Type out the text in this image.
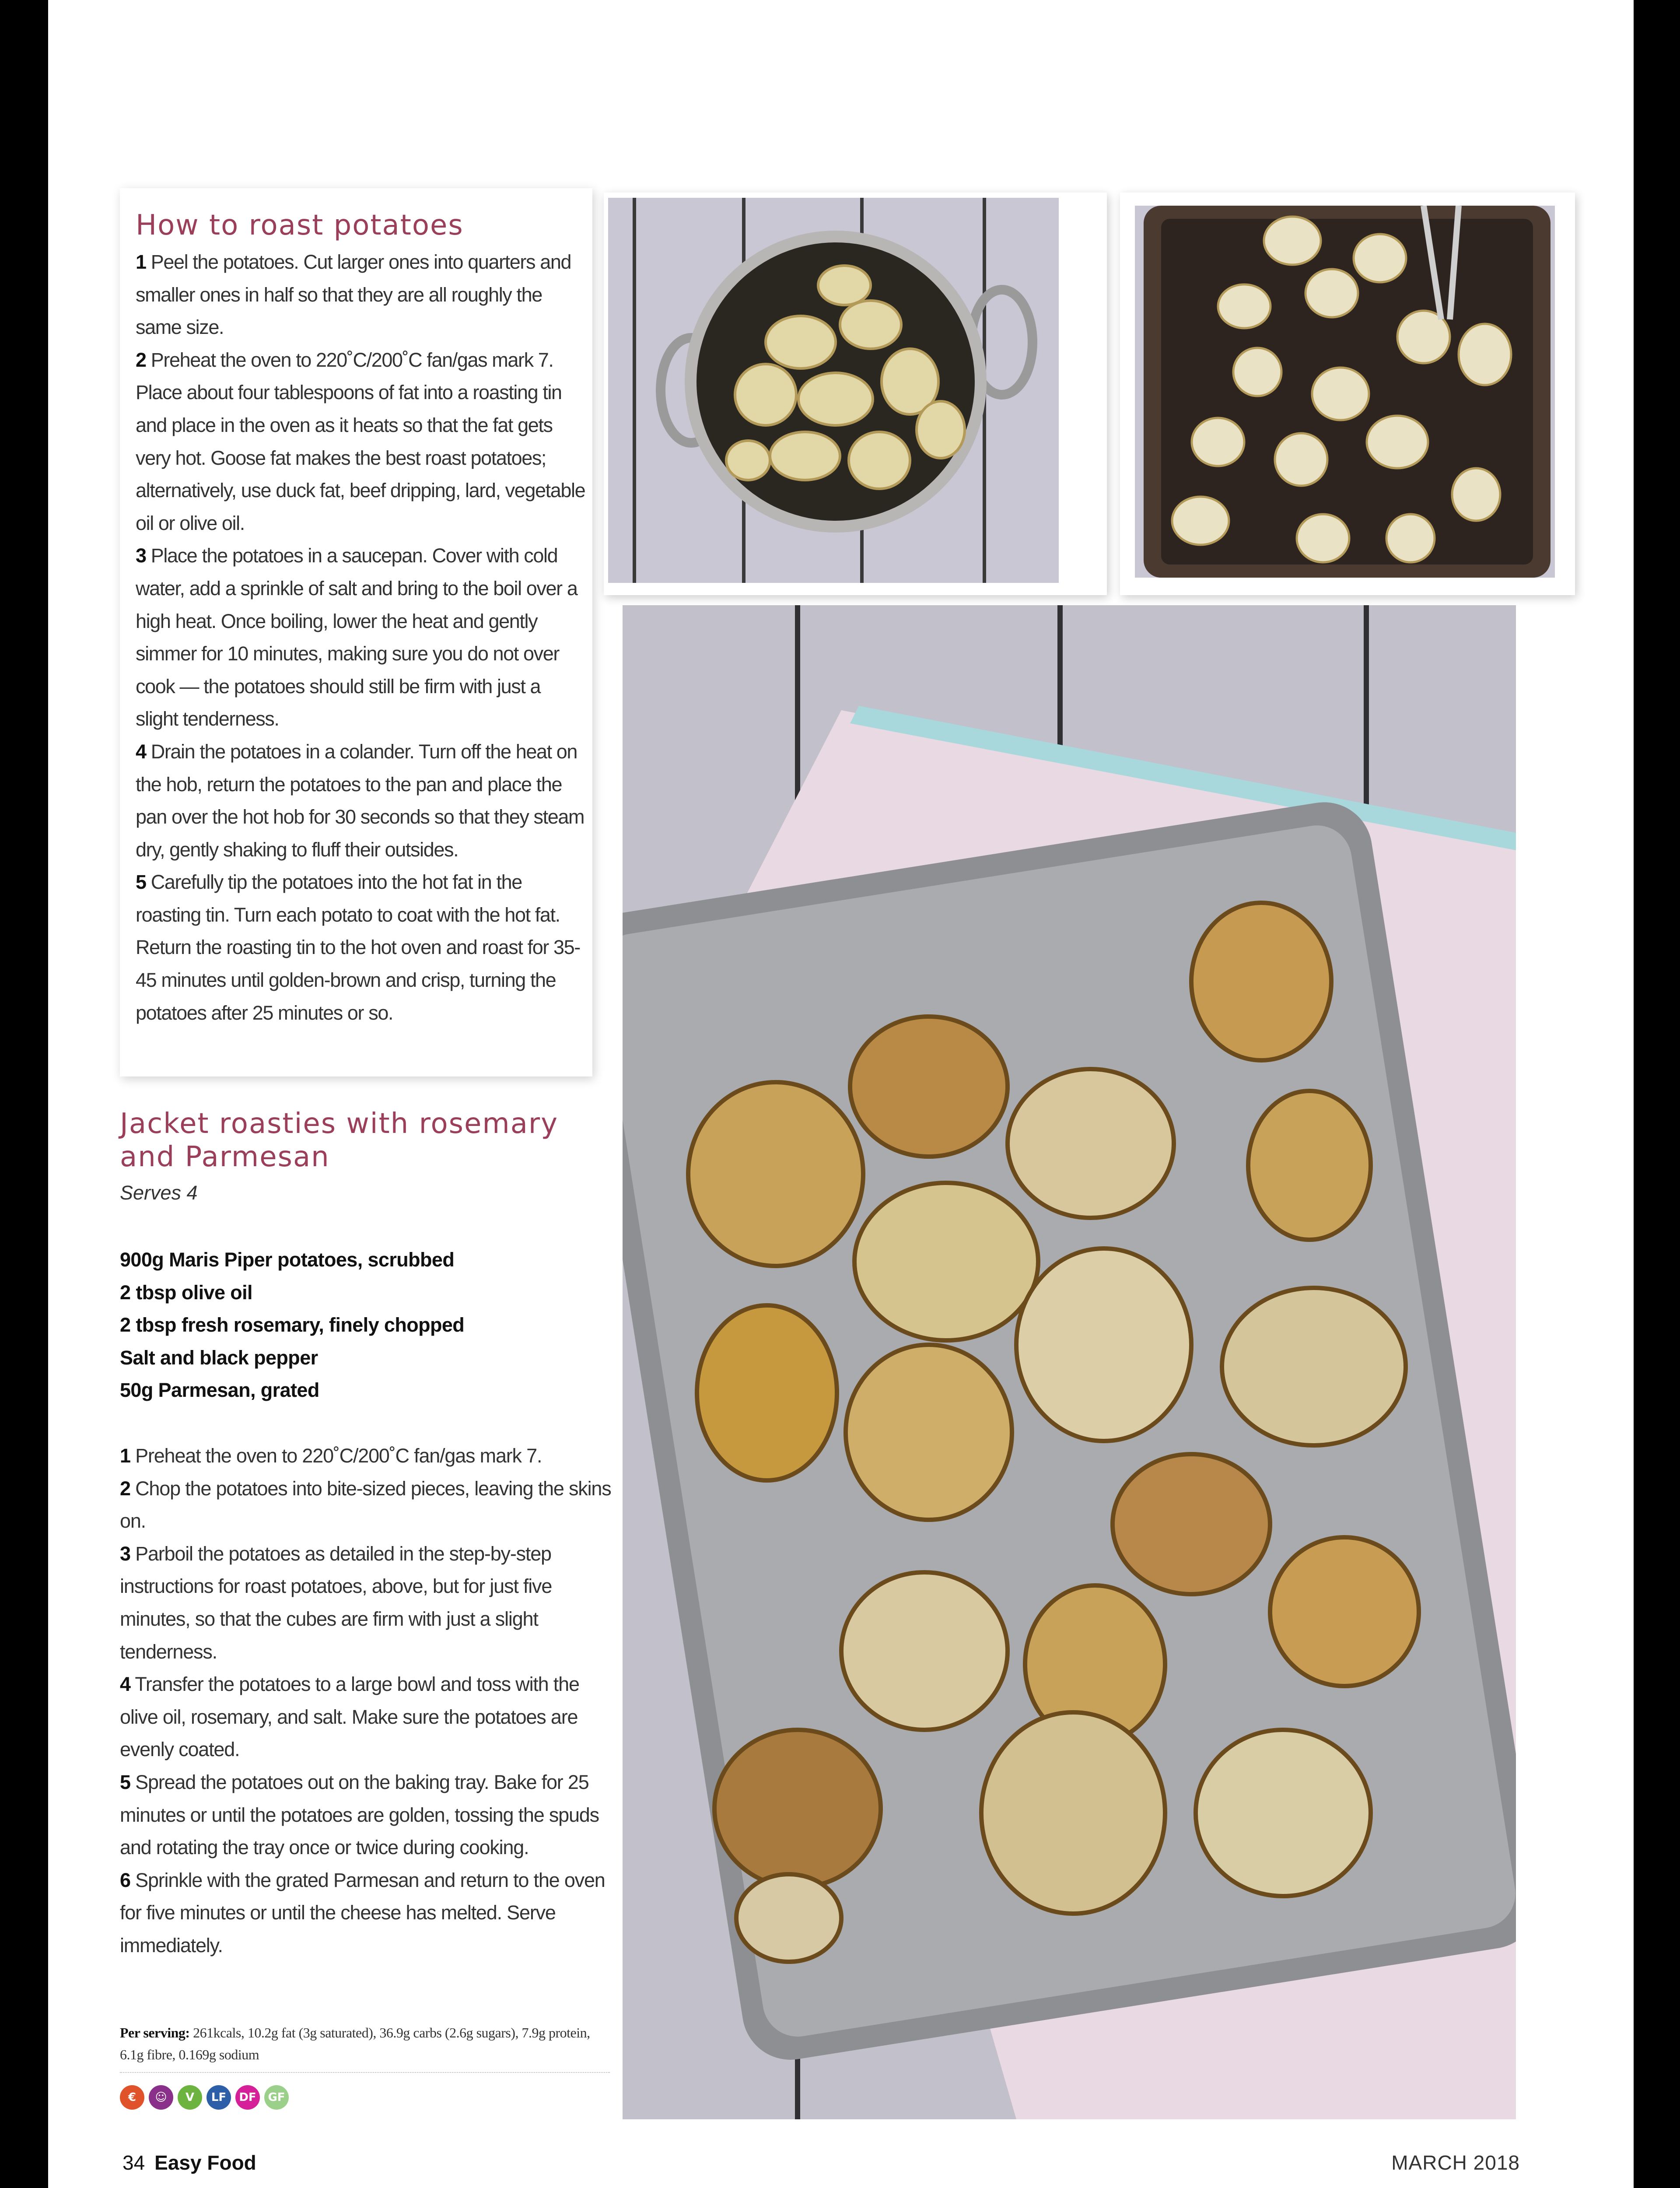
How to roast potatoes

1 Peel the potatoes. Cut larger ones into quarters and smaller ones in half so that they are all roughly the same size.

2 Preheat the oven to 220˚C/200˚C fan/gas mark 7. Place about four tablespoons of fat into a roasting tin and place in the oven as it heats so that the fat gets very hot. Goose fat makes the best roast potatoes; alternatively, use duck fat, beef dripping, lard, vegetable oil or olive oil.

3 Place the potatoes in a saucepan. Cover with cold water, add a sprinkle of salt and bring to the boil over a high heat. Once boiling, lower the heat and gently simmer for 10 minutes, making sure you do not over cook — the potatoes should still be firm with just a slight tenderness.

4 Drain the potatoes in a colander. Turn off the heat on the hob, return the potatoes to the pan and place the pan over the hot hob for 30 seconds so that they steam dry, gently shaking to fluff their outsides.

5 Carefully tip the potatoes into the hot fat in the roasting tin. Turn each potato to coat with the hot fat. Return the roasting tin to the hot oven and roast for 35-45 minutes until golden-brown and crisp, turning the potatoes after 25 minutes or so.

Jacket roasties with rosemary and Parmesan
Serves 4
900g Maris Piper potatoes, scrubbed
2 tbsp olive oil
2 tbsp fresh rosemary, finely chopped
Salt and black pepper
50g Parmesan, grated

1 Preheat the oven to 220˚C/200˚C fan/gas mark 7.

2 Chop the potatoes into bite-sized pieces, leaving the skins on.

3 Parboil the potatoes as detailed in the step-by-step instructions for roast potatoes, above, but for just five minutes, so that the cubes are firm with just a slight tenderness.

4 Transfer the potatoes to a large bowl and toss with the olive oil, rosemary, and salt. Make sure the potatoes are evenly coated.

5 Spread the potatoes out on the baking tray. Bake for 25 minutes or until the potatoes are golden, tossing the spuds and rotating the tray once or twice during cooking.

6 Sprinkle with the grated Parmesan and return to the oven for five minutes or until the cheese has melted. Serve immediately.

Per serving: 261kcals, 10.2g fat (3g saturated), 36.9g carbs (2.6g sugars), 7.9g protein, 6.1g fibre, 0.169g sodium
€	☺	V	LF	DF	GF
34 Easy Food	MARCH 2018
